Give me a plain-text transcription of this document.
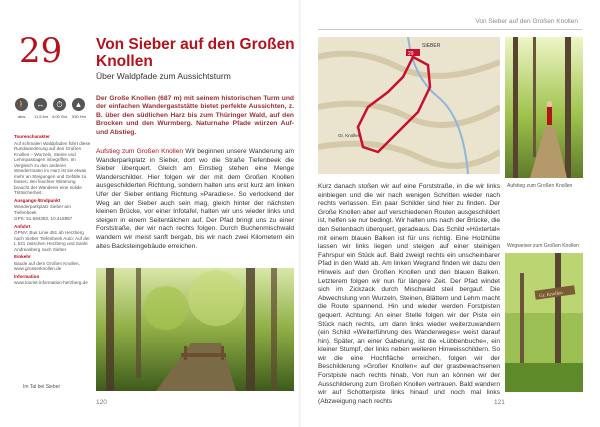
Von Sieber auf den Großen Knollen
29 Von Sieber auf den Großen Knollen
Über Waldpfade zum Aussichtsturm
🚶
abw.
↔
11,5 km
⏱
4:00 Std.
▲
530 Hm

Tourencharakter

Auf schmalen Waldpfaden führt diese Rundwanderung auf den Großen Knollen – Wurzeln, Steine und Lehmpassagen inbegriffen. Im Vergleich zu den anderen Wanderrouten im Harz ist sie etwas mehr an Steigungen und Gefälle zu fassen. Bei feuchter Witterung braucht der Wanderer eine solide Trittsicherheit.

Ausgangs-/Endpunkt

Wanderparkplatz Sieber am Tiefenbeek

GPS: 51.694383, 10.418867

Anfahrt

ÖPNV: Bus Linie 451 ab Herzberg nach Sieber Tiefenbeek Auto: Auf der L 521 zwischen Herzberg und Sankt Andreasberg nach Sieber

Einkehr

Baude auf dem Großen Knollen, www.grosserknollen.de

Information

www.tourist-information-herzberg.de

Der Große Knollen (687 m) mit seinem historischen Turm und der einfachen Wandergaststätte bietet perfekte Aussichten, z. B. über den südlichen Harz bis zum Thüringer Wald, auf den Brocken und den Wurmberg. Naturnahe Pfade würzen Auf- und Abstieg.
Aufstieg zum Großen Knollen Wir beginnen unsere Wanderung am Wanderparkplatz in Sieber, dort wo die Straße Tiefenbeek die Sieber überquert. Gleich am Einstieg stehen eine Menge Wanderschilder. Hier folgen wir der mit dem Großen Knollen ausgeschilderten Richtung, sondern halten uns erst kurz am linken Ufer der Sieber entlang Richtung »Paradies«. So verlockend der Weg an der Sieber auch sein mag, gleich hinter der nächsten kleinen Brücke, vor einer Infotafel, halten wir uns wieder links und steigen in einem Seitentälchen auf. Der Pfad bringt uns zu einer Forststraße, der wir nach rechts folgen. Durch Buchenmischwald wandern wir meist sanft bergab, bis wir nach zwei Kilometern ein altes Backsteingebäude erreichen.
Im Tal bei Sieber
120
29
SIEBER
Gr. Knollen
Aufstieg zum Großen Knollen
Gr. Knollen
Wegweiser zum Großen Knollen
Kurz danach stoßen wir auf eine Forststraße, in die wir links einbiegen und die wir nach wenigen Schritten wieder nach rechts verlassen. Ein paar Schilder sind hier zu finden. Der Große Knollen aber auf verschiedenen Routen ausgeschildert ist, helfen sie nur bedingt. Wir halten uns nach der Brücke, die den Seitenbach überquert, geradeaus. Das Schild »Höxtertal« mit einem blauen Balken ist für uns richtig. Eine Holzhütte lassen wir links liegen und steigen auf einer steinigen Fahrspur ein Stück auf. Bald zweigt rechts ein unscheinbarer Pfad in den Wald ab. Am linken Wegrand finden wir dazu den Hinweis auf den Großen Knollen und den blauen Balken. Letzterem folgen wir nun für längere Zeit. Der Pfad windet sich im Zickzack durch Mischwald steil bergauf. Die Abwechslung von Wurzeln, Steinen, Blättern und Lehm macht die Route spannend. Hin und wieder werden Forstpisten gequert. Achtung: An einer Stelle folgen wir der Piste ein Stück nach rechts, um dann links wieder weiterzuwandern (ein Schild »Weiterführung des Wanderweges« weist darauf hin). Später, an einer Gabelung, ist die »Lübbenbuche«, ein kleiner Stumpf, der links neben weiteren Hinweisschildern. So wir die eine Hochfläche erreichen, folgen wir der Beschilderung »Großer Knollen« auf der grasbewachsenen Forstpiste nach rechts hinab. Von nun an können wir der Ausschilderung zum Großen Knollen vertrauen. Bald wandern wir auf Schotterpiste links hinauf und noch mal links (Abzweigung nach rechts	121
